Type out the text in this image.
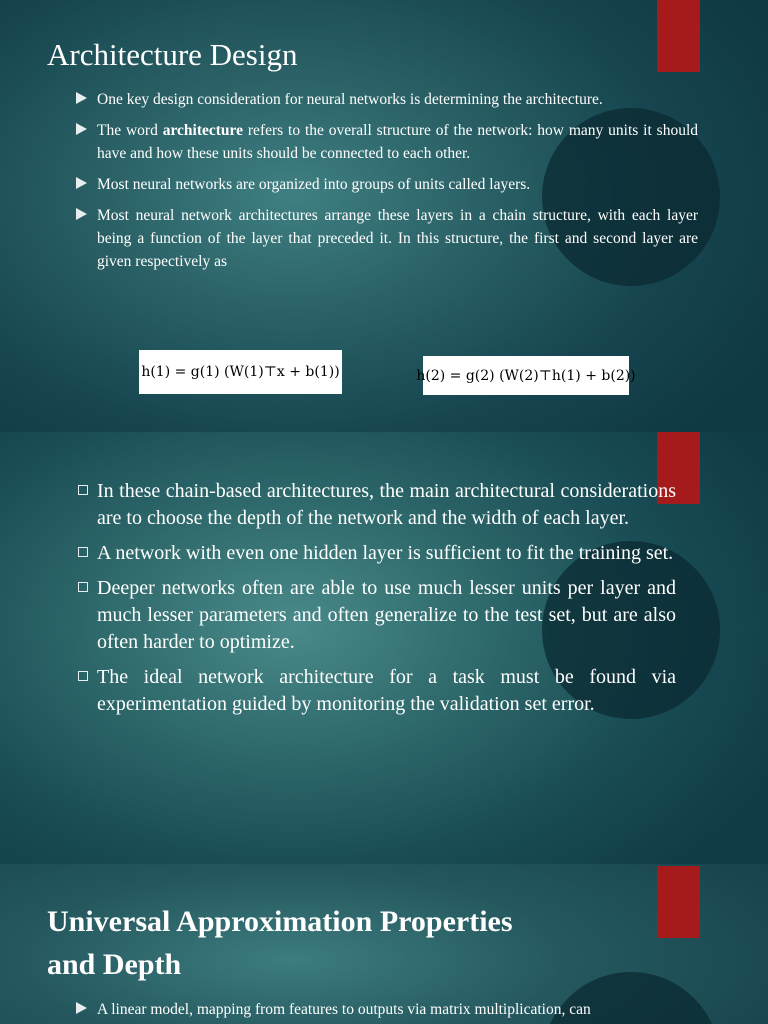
Architecture Design
One key design consideration for neural networks is determining the architecture.
The word architecture refers to the overall structure of the network: how many units it should have and how these units should be connected to each other.
Most neural networks are organized into groups of units called layers.
Most neural network architectures arrange these layers in a chain structure, with each layer being a function of the layer that preceded it. In this structure, the first and second layer are given respectively as
h(1) = g(1) (W(1)⊤x + b(1))	h(2) = g(2) (W(2)⊤h(1) + b(2))
In these chain-based architectures, the main architectural considerations are to choose the depth of the network and the width of each layer.
A network with even one hidden layer is sufficient to fit the training set.
Deeper networks often are able to use much lesser units per layer and much lesser parameters and often generalize to the test set, but are also often harder to optimize.
The ideal network architecture for a task must be found via experimentation guided by monitoring the validation set error.
Universal Approximation Properties
and Depth
A linear model, mapping from features to outputs via matrix multiplication, can
